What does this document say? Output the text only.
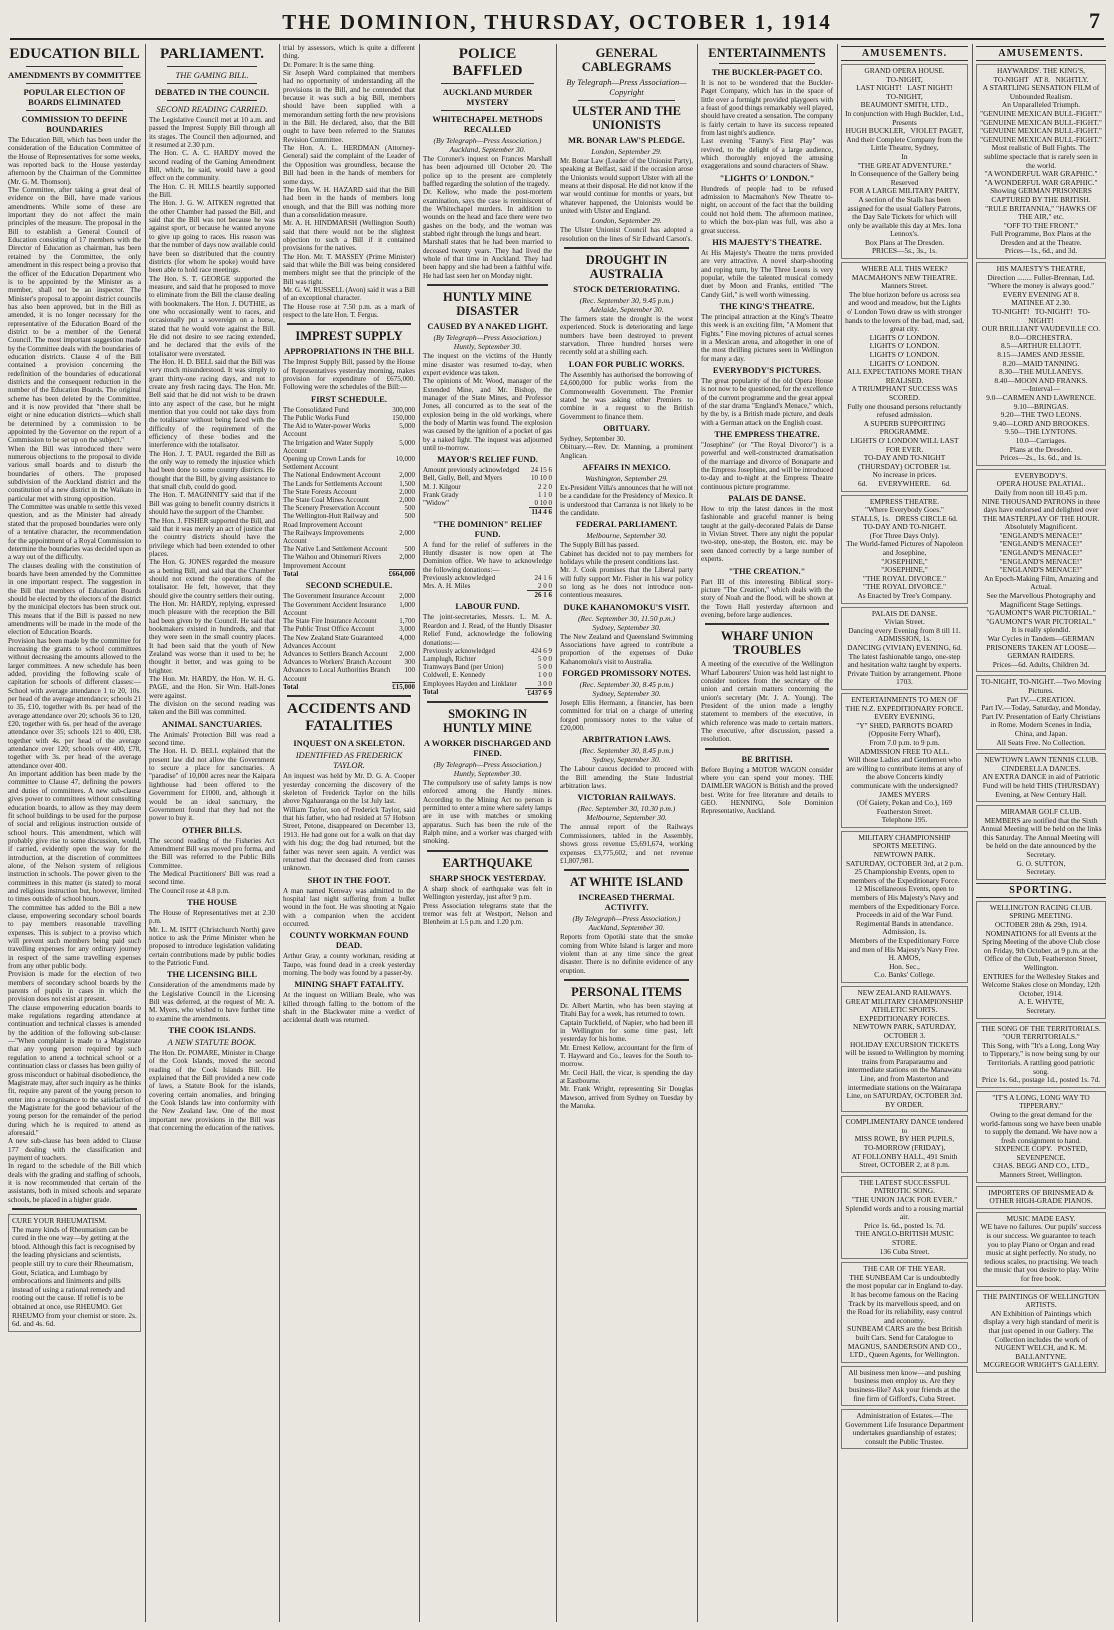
THE DOMINION, THURSDAY, OCTOBER 1, 1914	7
EDUCATION BILL
AMENDMENTS BY COMMITTEE
POPULAR ELECTION OF BOARDS ELIMINATED
COMMISSION TO DEFINE BOUNDARIES

The Education Bill, which has been under the consideration of the Education Committee of the House of Representatives for some weeks, was reported back to the House yesterday afternoon by the Chairman of the Committee (Mr. G. M. Thomson).
The Committee, after taking a great deal of evidence on the Bill, have made various amendments. While some of these are important they do not affect the main principles of the measure. The proposal in the Bill to establish a General Council of Education consisting of 17 members with the Director of Education as chairman, has been retained by the Committee, the only amendment in this respect being a proviso that the officer of the Education Department who is to be appointed by the Minister as a member, shall not be an inspector. The Minister's proposal to appoint district councils has also been approved, but in the Bill as amended, it is no longer necessary for the representative of the Education Board of the district to be a member of the General Council. The most important suggestion made by the Committee deals with the boundaries of education districts. Clause 4 of the Bill contained a provision concerning the redefinition of the boundaries of educational districts and the consequent reduction in the number of the Education Boards. The original scheme has been deleted by the Committee, and it is now provided that "there shall be eight or nine education districts—which shall be determined by a commission to be appointed by the Governor on the report of a Commission to be set up on the subject."
When the Bill was introduced there were numerous objections to the proposal to divide various small boards and to disturb the boundaries of others. The proposed subdivision of the Auckland district and the constitution of a new district in the Waikato in particular met with strong opposition.
The Committee was unable to settle this vexed question, and as the Minister had already stated that the proposed boundaries were only of a tentative character, the recommendation for the appointment of a Royal Commission to determine the boundaries was decided upon as a way out of the difficulty.
The clauses dealing with the constitution of boards have been amended by the Committee in one important respect. The suggestion in the Bill that members of Education Boards should be elected by the electors of the district by the municipal electors has been struck out. This means that if the Bill is passed no new amendments will be made in the mode of the election of Education Boards.
Provision has been made by the committee for increasing the grants to school committees without decreasing the amounts allowed to the larger committees. A new schedule has been added, providing the following scale of capitation for schools of different classes:—School with average attendance 1 to 20, 10s. per head of the average attendance; schools 21 to 35, £10, together with 8s. per head of the average attendance over 20; schools 36 to 120, £20, together with 6s. per head of the average attendance over 35; schools 121 to 400, £38, together with 4s. per head of the average attendance over 120; schools over 400, £78, together with 3s. per head of the average attendance over 400.
An important addition has been made by the committee to Clause 47, defining the powers and duties of committees. A new sub-clause gives power to committees without consulting education boards, to allow as they may deem fit school buildings to be used for the purpose of social and religious instruction outside of school hours. This amendment, which will probably give rise to some discussion, would, if carried, evidently open the way for the introduction, at the discretion of committees alone, of the Nelson system of religious instruction in schools. The power given to the committees in this matter (is stated) to moral and religious instruction but, however, limited to times outside of school hours.
The committee has added to the Bill a new clause, empowering secondary school boards to pay members reasonable travelling expenses. This is subject to a proviso which will prevent such members being paid such travelling expenses for any ordinary journey in respect of the same travelling expenses from any other public body.
Provision is made for the election of two members of secondary school boards by the parents of pupils in cases in which the provision does not exist at present.
The clause empowering education boards to make regulations regarding attendance at continuation and technical classes is amended by the addition of the following sub-clause:—"When complaint is made to a Magistrate that any young person required by such regulation to attend a technical school or a continuation class or classes has been guilty of gross misconduct or habitual disobedience, the Magistrate may, after such inquiry as he thinks fit, require any parent of the young person to enter into a recognisance to the satisfaction of the Magistrate for the good behaviour of the young person for the remainder of the period during which he is required to attend as aforesaid."
A new sub-clause has been added to Clause 177 dealing with the classification and payment of teachers.
In regard to the schedule of the Bill which deals with the grading and staffing of schools, it is now recommended that certain of the assistants, both in mixed schools and separate schools, be placed in a higher grade.

CURE YOUR RHEUMATISM.
The many kinds of Rheumatism can be cured in the one way—by getting at the blood. Although this fact is recognised by the leading physicians and scientists, people still try to cure their Rheumatism, Gout, Sciatica, and Lumbago by embrocations and liniments and pills instead of using a rational remedy and rooting out the cause. If relief is to be obtained at once, use RHEUMO. Get RHEUMO from your chemist or store. 2s. 6d. and 4s. 6d.
PARLIAMENT.
THE GAMING BILL.
DEBATED IN THE COUNCIL
SECOND READING CARRIED.

The Legislative Council met at 10 a.m. and passed the Imprest Supply Bill through all its stages. The Council then adjourned, and it resumed at 2.30 p.m.
The Hon. C. A. C. HARDY moved the second reading of the Gaming Amendment Bill, which, he said, would have a good effect on the community.
The Hon. C. H. MILLS heartily supported the Bill.
The Hon. J. G. W. AITKEN regretted that the other Chamber had passed the Bill, and said that the Bill was not because he was against sport, or because he wanted anyone to give up going to races. His reason was that the number of days now available could have been so distributed that the country districts (for whom he spoke) would have been able to hold race meetings.
The Hon. S. T. GEORGE supported the measure, and said that he proposed to move to eliminate from the Bill the clause dealing with bookmakers. The Hon. J. DUTHIE, as one who occasionally went to races, and occasionally put a sovereign on a horse, stated that he would vote against the Bill. He did not desire to see racing extended, and he declared that the evils of the totalisator were overstated.
The Hon. H. D. BELL said that the Bill was very much misunderstood. It was simply to grant thirty-one racing days, and not to create any fresh racing days. The Hon. Mr. Bell said that he did not wish to be drawn into any aspect of the case, but he might mention that you could not take days from the totalisator without being faced with the difficulty of the requirement of the efficiency of these bodies and the interference with the totalisator.
The Hon. J. T. PAUL regarded the Bill as the only way to remedy the injustice which had been done to some country districts. He thought that the Bill, by giving assistance to that small club, could do good.
The Hon. T. MAGINNITY said that if the Bill was going to benefit country districts it should have the support of the Chamber.
The Hon. J. FISHER supported the Bill, and said that it was merely an act of justice that the country districts should have the privilege which had been extended to other places.
The Hon. G. JONES regarded the measure as a betting Bill, and said that the Chamber should not extend the operations of the totalisator. He felt, however, that they should give the country settlers their outing.
The Hon. Mr. HARDY, replying, expressed much pleasure with the reception the Bill had been given by the Council. He said that bookmakers existed in hundreds, and that they were seen in the small country places. It had been said that the youth of New Zealand was worse than it used to be; he thought it better, and was going to be brighter.
The Hon. Mr. HARDY, the Hon. W. H. G. PAGE, and the Hon. Sir Wm. Hall-Jones were against.
The division on the second reading was taken and the Bill was committed.

ANIMAL SANCTUARIES.

The Animals' Protection Bill was read a second time.
The Hon. H. D. BELL explained that the present law did not allow the Government to secure a place for sanctuaries. A "paradise" of 10,000 acres near the Kaipara lighthouse had been offered to the Government for £1000, and, although it would be an ideal sanctuary, the Government found that they had not the power to buy it.

OTHER BILLS.

The second reading of the Fisheries Act Amendment Bill was moved pro forma, and the Bill was referred to the Public Bills Committee.
The Medical Practitioners' Bill was read a second time.
The Council rose at 4.8 p.m.

THE HOUSE

The House of Representatives met at 2.30 p.m.
Mr. L. M. ISITT (Christchurch North) gave notice to ask the Prime Minister when he proposed to introduce legislation validating certain contributions made by public bodies to the Patriotic Fund.

THE LICENSING BILL

Consideration of the amendments made by the Legislative Council in the Licensing Bill was deferred, at the request of Mr. A. M. Myers, who wished to have further time to examine the amendments.

THE COOK ISLANDS.
A NEW STATUTE BOOK.

The Hon. Dr. POMARE, Minister in Charge of the Cook Islands, moved the second reading of the Cook Islands Bill. He explained that the Bill provided a new code of laws, a Statute Book for the islands, covering certain anomalies, and bringing the Cook Islands law into conformity with the New Zealand law. One of the most important new provisions in the Bill was that concerning the education of the natives.

trial by assessors, which is quite a different thing.
Dr. Pomare: It is the same thing.
Sir Joseph Ward complained that members had no opportunity of understanding all the provisions in the Bill, and he contended that because it was such a big Bill, members should have been supplied with a memorandum setting forth the new provisions in the Bill. He declared, also, that the Bill ought to have been referred to the Statutes Revision Committee.
The Hon. A. L. HERDMAN (Attorney-General) said the complaint of the Leader of the Opposition was groundless, because the Bill had been in the hands of members for some days.
The Hon. W. H. HAZARD said that the Bill had been in the hands of members long enough, and that the Bill was nothing more than a consolidation measure.
Mr. A. H. HINDMARSH (Wellington South) said that there would not be the slightest objection to such a Bill if it contained provisions for the natives.
The Hon. Mr. T. MASSEY (Prime Minister) said that while the Bill was being considered members might see that the principle of the Bill was right.
Mr. G. W. RUSSELL (Avon) said it was a Bill of an exceptional character.
The House rose at 7.50 p.m. as a mark of respect to the late Hon. T. Fergus.

IMPREST SUPPLY
APPROPRIATIONS IN THE BILL

The Imprest Supply Bill, passed by the House of Representatives yesterday morning, makes provision for expenditure of £675,000. Following were the schedules of the Bill:—

FIRST SCHEDULE.
The Consolidated Fund	300,000
The Public Works Fund	150,000
The Aid to Water-power Works Account	5,000
The Irrigation and Water Supply Account	5,000
Opening up Crown Lands for Settlement Account	10,000
The National Endowment Account	2,000
The Lands for Settlements Account	1,500
The State Forests Account	2,000
The State Coal Mines Account	2,000
The Scenery Preservation Account	500
The Wellington-Hutt Railway and Road Improvement Account	500
The Railways Improvements Account	2,000
The Native Land Settlement Account	500
The Waihou and Ohinemuri Rivers Improvement Account	2,000
Total	£664,000
SECOND SCHEDULE.
The Government Insurance Account	2,000
The Government Accident Insurance Account	1,000
The State Fire Insurance Account	1,700
The Public Trust Office Account	3,000
The New Zealand State Guaranteed Advances Account	4,000
Advances to Settlers Branch Account	2,000
Advances to Workers' Branch Account	300
Advances to Local Authorities Branch Account	100
Total	£15,000
ACCIDENTS AND FATALITIES
INQUEST ON A SKELETON.
IDENTIFIED AS FREDERICK TAYLOR.

An inquest was held by Mr. D. G. A. Cooper yesterday concerning the discovery of the skeleton of Frederick Taylor on the hills above Ngahauranga on the 1st July last.
William Taylor, son of Frederick Taylor, said that his father, who had resided at 57 Hobson Street, Petone, disappeared on December 13, 1913. He had gone out for a walk on that day with his dog; the dog had returned, but the father was never seen again. A verdict was returned that the deceased died from causes unknown.

SHOT IN THE FOOT.

A man named Kenway was admitted to the hospital last night suffering from a bullet wound in the foot. He was shooting at Ngaio with a companion when the accident occurred.

COUNTY WORKMAN FOUND DEAD.

Arthur Gray, a county workman, residing at Taupo, was found dead in a creek yesterday morning. The body was found by a passer-by.

MINING SHAFT FATALITY.

At the inquest on William Beale, who was killed through falling to the bottom of the shaft in the Blackwater mine a verdict of accidental death was returned.

POLICE BAFFLED
AUCKLAND MURDER MYSTERY
WHITECHAPEL METHODS RECALLED
(By Telegraph—Press Association.)
Auckland, September 30.

The Coroner's inquest on Frances Marshall has been adjourned till October 20. The police up to the present are completely baffled regarding the solution of the tragedy.
Dr. Kellow, who made the post-mortem examination, says the case is reminiscent of the Whitechapel murders. In addition to wounds on the head and face there were two gashes on the body, and the woman was stabbed right through the lungs and heart.
Marshall states that he had been married to deceased twenty years. They had lived the whole of that time in Auckland. They had been happy and she had been a faithful wife. He had last seen her on Monday night.

HUNTLY MINE DISASTER
CAUSED BY A NAKED LIGHT.
(By Telegraph—Press Association.)
Huntly, September 30.

The inquest on the victims of the Huntly mine disaster was resumed to-day, when expert evidence was taken.
The opinions of Mr. Wood, manager of the Extended Mine, and Mr. Bishop, the manager of the State Mines, and Professor Jones, all concurred as to the seat of the explosion being in the old workings, where the body of Martin was found. The explosion was caused by the ignition of a pocket of gas by a naked light. The inquest was adjourned until to-morrow.

MAYOR'S RELIEF FUND.
Amount previously acknowledged	24 15 6
Bell, Gully, Bell, and Myers	10 10 0
M. J. Kilgour	2 2 0
Frank Grady	1 1 0
"Widow"	0 10 0
	114 4 6
"THE DOMINION" RELIEF FUND.

A fund for the relief of sufferers in the Huntly disaster is now open at The Dominion office. We have to acknowledge the following donations:—

Previously acknowledged	24 1 6
Mrs. A. H. Miles	2 0 0
	26 1 6
LABOUR FUND.

The joint-secretaries, Messrs. L. M. A. Reardon and J. Read, of the Huntly Disaster Relief Fund, acknowledge the following donations:—

Previously acknowledged	424 6 9
Lamplugh, Richter	5 0 0
Tramways Band (per Union)	5 0 0
Coldwell, E. Kennedy	1 0 0
Employees Hayden and Linklater	3 0 0
Total	£437 6 9
SMOKING IN HUNTLY MINE
A WORKER DISCHARGED AND FINED.
(By Telegraph—Press Association.)
Huntly, September 30.

The compulsory use of safety lamps is now enforced among the Huntly mines. According to the Mining Act no person is permitted to enter a mine where safety lamps are in use with matches or smoking apparatus. Such has been the rule of the Ralph mine, and a worker was charged with smoking.

EARTHQUAKE
SHARP SHOCK YESTERDAY.

A sharp shock of earthquake was felt in Wellington yesterday, just after 9 p.m.
Press Association telegrams state that the tremor was felt at Westport, Nelson and Blenheim at 1.5 p.m. and 1.20 p.m.

GENERAL CABLEGRAMS
By Telegraph—Press Association—Copyright
ULSTER AND THE UNIONISTS
MR. BONAR LAW'S PLEDGE.
London, September 29.

Mr. Bonar Law (Leader of the Unionist Party), speaking at Belfast, said if the occasion arose the Unionists would support Ulster with all the means at their disposal. He did not know if the war would continue for months or years, but whatever happened, the Unionists would be united with Ulster and England.

London, September 29.

The Ulster Unionist Council has adopted a resolution on the lines of Sir Edward Carson's.

DROUGHT IN AUSTRALIA
STOCK DETERIORATING.
(Rec. September 30, 9.45 p.m.)
Adelaide, September 30.

The farmers state the drought is the worst experienced. Stock is deteriorating and large numbers have been destroyed to prevent starvation. Three hundred horses were recently sold at a shilling each.

LOAN FOR PUBLIC WORKS.

The Assembly has authorised the borrowing of £4,600,000 for public works from the Commonwealth Government. The Premier stated he was asking other Premiers to combine in a request to the British Government to finance them.

OBITUARY.

Sydney, September 30.
Obituary.—Rev. Dr. Manning, a prominent Anglican.

AFFAIRS IN MEXICO.
Washington, September 29.

Ex-President Villa's announces that he will not be a candidate for the Presidency of Mexico. It is understood that Carranza is not likely to be the candidate.

FEDERAL PARLIAMENT.
Melbourne, September 30.

The Supply Bill has passed.
Cabinet has decided not to pay members for holidays while the present conditions last.
Mr. J. Cook promises that the Liberal party will fully support Mr. Fisher in his war policy so long as he does not introduce non-contentious measures.

DUKE KAHANOMOKU'S VISIT.
(Rec. September 30, 11.50 p.m.)
Sydney, September 30.

The New Zealand and Queensland Swimming Associations have agreed to contribute a proportion of the expenses of Duke Kahanomoku's visit to Australia.

FORGED PROMISSORY NOTES.
(Rec. September 30, 8.45 p.m.)
Sydney, September 30.

Joseph Ellis Hermann, a financier, has been committed for trial on a charge of uttering forged promissory notes to the value of £20,000.

ARBITRATION LAWS.
(Rec. September 30, 8.45 p.m.)
Sydney, September 30.

The Labour caucus decided to proceed with the Bill amending the State Industrial arbitration laws.

VICTORIAN RAILWAYS.
(Rec. September 30, 10.30 p.m.)
Melbourne, September 30.

The annual report of the Railways Commissioners, tabled in the Assembly, shows gross revenue £5,691,674, working expenses £3,775,602, and net revenue £1,807,981.

AT WHITE ISLAND
INCREASED THERMAL ACTIVITY.
(By Telegraph—Press Association.)
Auckland, September 30.

Reports from Opotiki state that the smoke coming from White Island is larger and more violent than at any time since the great disaster. There is no definite evidence of any eruption.

PERSONAL ITEMS

Dr. Albert Martin, who has been staying at Titahi Bay for a week, has returned to town.
Captain Tuckfield, of Napier, who had been ill in Wellington for some time past, left yesterday for his home.
Mr. Ernest Kellow, accountant for the firm of T. Hayward and Co., leaves for the South to-morrow.
Mr. Cecil Hall, the vicar, is spending the day at Eastbourne.
Mr. Frank Wright, representing Sir Douglas Mawson, arrived from Sydney on Tuesday by the Manuka.

ENTERTAINMENTS
THE BUCKLER-PAGET CO.

It is not to be wondered that the Buckler-Paget Company, which has in the space of little over a fortnight provided playgoers with a feast of good things remarkably well played, should have created a sensation. The company is fairly certain to have its success repeated from last night's audience.
Last evening "Fanny's First Play" was revived, to the delight of a large audience, which thoroughly enjoyed the amusing exaggerations and sound characters of Shaw.

"LIGHTS O' LONDON."

Hundreds of people had to be refused admission to Macmahon's New Theatre to-night, on account of the fact that the building could not hold them. The afternoon matinee, to which the box-plan was full, was also a great success.

HIS MAJESTY'S THEATRE.

At His Majesty's Theatre the turns provided are very attractive. A novel sharp-shooting and roping turn, by The Three Leons is very popular, while the talented musical comedy duet by Moon and Franks, entitled "The Candy Girl," is well worth witnessing.

THE KING'S THEATRE.

The principal attraction at the King's Theatre this week is an exciting film, "A Moment that Fights." Fine moving pictures of actual scenes in a Mexican arena, and altogether in one of the most thrilling pictures seen in Wellington for many a day.

EVERYBODY'S PICTURES.

The great popularity of the old Opera House is not now to be questioned, for the excellence of the current programme and the great appeal of the star drama "England's Menace," which, by the by, is a British made picture, and deals with a German attack on the English coast.

THE EMPRESS THEATRE.

"Josephine" (or "The Royal Divorce") is a powerful and well-constructed dramatisation of the marriage and divorce of Bonaparte and the Empress Josephine, and will be introduced to-day and to-night at the Empress Theatre continuous picture programme.

PALAIS DE DANSE.

How to trip the latest dances in the most fashionable and graceful manner is being taught at the gaily-decorated Palais de Danse in Vivian Street. There any night the popular two-step, one-step, the Boston, etc. may be seen danced correctly by a large number of experts.

"THE CREATION."

Part III of this interesting Biblical story-picture "The Creation," which deals with the story of Noah and the flood, will be shown at the Town Hall yesterday afternoon and evening, before large audiences.

WHARF UNION TROUBLES

A meeting of the executive of the Wellington Wharf Labourers' Union was held last night to consider notices from the secretary of the union and certain matters concerning the union's secretary (Mr. J. A. Young). The President of the union made a lengthy statement to members of the executive, in which reference was made to certain matters. The executive, after discussion, passed a resolution.

BE BRITISH.

Before Buying a MOTOR WAGON consider where you can spend your money. THE DAIMLER WAGON is British and the proved best. Write for free literature and details to GEO. HENNING, Sole Dominion Representative, Auckland.

AMUSEMENTS.
GRAND OPERA HOUSE.
TO-NIGHT,
LAST NIGHT!   LAST NIGHT!
TO-NIGHT,
BEAUMONT SMITH, LTD.,
In conjunction with Hugh Buckler, Ltd., Presents
HUGH BUCKLER,   VIOLET PAGET,
And their Complete Company from the Little Theatre, Sydney,
In
"THE GREAT ADVENTURE."
In Consequence of the Gallery being Reserved
FOR A LARGE MILITARY PARTY,
A section of the Stalls has been assigned for the usual Gallery Patrons, the Day Sale Tickets for which will only be available this day at Mrs. Iona Lennox's.
Box Plans at The Dresden.
PRICES—5s., 3s., 1s.
WHERE ALL THIS WEEK?
MACMAHON'S NEW THEATRE.
Manners Street.
The blue horizon before us across sea and wood and meadow, but the Lights o' London Town draw us with stronger hands to the lovers of the bad, mad, sad, great city.
LIGHTS O' LONDON.
LIGHTS O' LONDON.
LIGHTS O' LONDON.
LIGHTS O' LONDON.
ALL EXPECTATIONS MORE THAN REALISED.
A TRIUMPHANT SUCCESS WAS SCORED.
Fully one thousand persons reluctantly refused admission.
A SUPERB SUPPORTING PROGRAMME.
LIGHTS O' LONDON WILL LAST FOR EVER.
TO-DAY AND TO-NIGHT (THURSDAY) OCTOBER 1st.
No increase in prices.
6d.      EVERYWHERE.      6d.
EMPRESS THEATRE.
"Where Everybody Goes."
STALLS, 1s.   DRESS CIRCLE 6d.
TO-DAY AND TO-NIGHT.
(For Three Days Only).
The World-famed Pictures of Napoleon and Josephine,
"JOSEPHINE,"
"JOSEPHINE,"
"THE ROYAL DIVORCE."
"THE ROYAL DIVORCE."
As Enacted by Tree's Company.
PALAIS DE DANSE.
Vivian Street.
Dancing every Evening from 8 till 11.
ADMISSION, 1s.
DANCING (VIVIAN) EVENING, 6d.
The latest fashionable tango, one-step and hesitation waltz taught by experts.
Private Tuition by arrangement. Phone 1703.
ENTERTAINMENTS TO MEN OF THE N.Z. EXPEDITIONARY FORCE.
EVERY EVENING,
"Y" SHED, PARROTS BOARD (Opposite Ferry Wharf),
From 7.0 p.m. to 9 p.m.
ADMISSION FREE TO ALL.
Will those Ladies and Gentlemen who are willing to contribute items at any of the above Concerts kindly communicate with the undersigned?
JAMES MYERS
(Of Gaiety, Pekan and Co.), 169 Featherston Street.
Telephone 195.
MILITARY CHAMPIONSHIP SPORTS MEETING.
NEWTOWN PARK.
SATURDAY, OCTOBER 3rd, at 2 p.m.
25 Championship Events, open to members of the Expeditionary Force.
12 Miscellaneous Events, open to members of His Majesty's Navy and members of the Expeditionary Force.
Proceeds in aid of the War Fund.
Regimental Bands in attendance.
Admission, 1s.
Members of the Expeditionary Force and men of His Majesty's Navy Free.
H. AMOS,
Hon. Sec.,
C.o. Banks' College.
NEW ZEALAND RAILWAYS.
GREAT MILITARY CHAMPIONSHIP ATHLETIC SPORTS.
EXPEDITIONARY FORCES.
NEWTOWN PARK, SATURDAY, OCTOBER 3.
HOLIDAY EXCURSION TICKETS will be issued to Wellington by morning trains from Paraparaumu and intermediate stations on the Manawatu Line, and from Masterton and intermediate stations on the Wairarapa Line, on SATURDAY, OCTOBER 3rd.
BY ORDER.
COMPLIMENTARY DANCE tendered to
MISS ROWE, BY HER PUPILS,
TO-MORROW (FRIDAY),
AT FOLLONBY HALL, 491 Smith Street, OCTOBER 2, at 8 p.m.
THE LATEST SUCCESSFUL PATRIOTIC SONG.
"THE UNION JACK FOR EVER."
Splendid words and to a rousing martial air.
Price 1s. 6d., posted 1s. 7d.
THE ANGLO-BRITISH MUSIC STORE.
136 Cuba Street.
THE CAR OF THE YEAR.
THE SUNBEAM Car is undoubtedly the most popular car in England to-day. It has become famous on the Racing Track by its marvellous speed, and on the Road for its reliability, easy control and economy.
SUNBEAM CARS are the best British built Cars. Send for Catalogue to
MAGNUS, SANDERSON AND CO., LTD., Queen Agents, for Wellington.
All business men know—and pushing business men employ us. Are they business-like? Ask your friends at the fine firm of Gifford's, Cuba Street.
Administration of Estates.—The Government Life Insurance Department undertakes guardianship of estates; consult the Public Trustee.
AMUSEMENTS.
HAYWARDS'. THE KING'S,
TO-NIGHT   AT 8.   NIGHTLY.
A STARTLING SENSATION FILM of Unbounded Realism.
An Unparalleled Triumph.
"GENUINE MEXICAN BULL-FIGHT."
"GENUINE MEXICAN BULL-FIGHT."
"GENUINE MEXICAN BULL-FIGHT."
"GENUINE MEXICAN BULL-FIGHT."
Most realistic of Bull Fights. The sublime spectacle that is rarely seen in the world.
"A WONDERFUL WAR GRAPHIC."
"A WONDERFUL WAR GRAPHIC."
Showing GERMAN PRISONERS CAPTURED BY THE BRITISH.
"RULE BRITANNIA," "HAWKS OF THE AIR," etc.
"OFF TO THE FRONT."
Full Programme, Box Plans at the Dresden and at the Theatre.
Prices—1s., 6d., and 3d.
HIS MAJESTY'S THEATRE,
Direction ........ Fuller-Brennan, Ltd.
"Where the money is always good."
EVERY EVENING AT 8.
MATINEE AT 2.30.
TO-NIGHT!   TO-NIGHT!   TO-NIGHT!
OUR BRILLIANT VAUDEVILLE CO.
8.0—ORCHESTRA.
8.5—ARTHUR ELLIOTT.
8.15—JAMES AND JESSIE.
8.20—MAID TANNING.
8.30—THE MULLANEYS.
8.40—MOON AND FRANKS.
—Interval—
9.0—CARMEN AND LAWRENCE.
9.10—BRINGAS.
9.20—THE TWO LEONS.
9.40—LORD AND BROOKES.
9.50—THE LYNTONS.
10.0—Carriages.
Plans at the Dresden.
Prices—2s., 1s. 6d., and 1s.
EVERYBODY'S.
OPERA HOUSE PALATIAL.
Daily from noon till 10.45 p.m.
NINE THOUSAND PATRONS in three days have endorsed and delighted over
THE MASTERPLAY OF THE HOUR.
Absolutely Magnificent.
"ENGLAND'S MENACE!"
"ENGLAND'S MENACE!"
"ENGLAND'S MENACE!"
"ENGLAND'S MENACE!"
"ENGLAND'S MENACE!"
An Epoch-Making Film, Amazing and Actual.
See the Marvellous Photography and Magnificent Stage Settings.
"GAUMONT'S WAR PICTORIAL."
"GAUMONT'S WAR PICTORIAL."
It is really splendid.
War Cycles in Tandem—GERMAN PRISONERS TAKEN AT LOOSE—GERMAN RAIDERS.
Prices—6d. Adults, Children 3d.
TO-NIGHT, TO-NIGHT.—Two Moving Pictures.
Part IV.—CREATION.
Part IV.—Today, Saturday, and Monday, Part IV. Presentation of Early Christians in Rome. Modern Scenes in India, China, and Japan.
All Seats Free. No Collection.
NEWTOWN LAWN TENNIS CLUB.
CINDERELLA DANCES.
AN EXTRA DANCE in aid of Patriotic Fund will be held THIS (THURSDAY) Evening, at New Century Hall.
MIRAMAR GOLF CLUB.
MEMBERS are notified that the Sixth Annual Meeting will be held on the links this Saturday. The Annual Meeting will be held on the date announced by the Secretary.
G. O. SUTTON,
Secretary.
SPORTING.
WELLINGTON RACING CLUB.
SPRING MEETING.
OCTOBER 28th & 29th, 1914.
NOMINATIONS for all Events at the Spring Meeting of the above Club close on Friday, 9th October, at 9 p.m. at the Office of the Club, Featherston Street, Wellington.
ENTRIES for the Wellesley Stakes and Welcome Stakes close on Monday, 12th October, 1914.
A. E. WHYTE,
Secretary.
THE SONG OF THE TERRITORIALS.
"OUR TERRITORIALS."
This Song, with "It's a Long, Long Way to Tipperary," is now being sung by our Territorials. A rattling good patriotic song.
Price 1s. 6d., postage 1d., posted 1s. 7d.
"IT'S A LONG, LONG WAY TO TIPPERARY."
Owing to the great demand for the world-famous song we have been unable to supply the demand. We have now a fresh consignment to hand.
SIXPENCE COPY.   POSTED, SEVENPENCE.
CHAS. BEGG AND CO., LTD., Manners Street, Wellington.
IMPORTERS OF BRINSMEAD & OTHER HIGH-GRADE PIANOS.
MUSIC MADE EASY.
WE have no failures. Our pupils' success is our success. We guarantee to teach you to play Piano or Organ and read music at sight perfectly. No study, no tedious scales, no practising. We teach the music that you desire to play. Write for free book.
THE PAINTINGS OF WELLINGTON ARTISTS.
AN Exhibition of Paintings which display a very high standard of merit is that just opened in our Gallery. The Collection includes the work of NUGENT WELCH, and K. M. BALLANTYNE.
MCGREGOR WRIGHT'S GALLERY.
